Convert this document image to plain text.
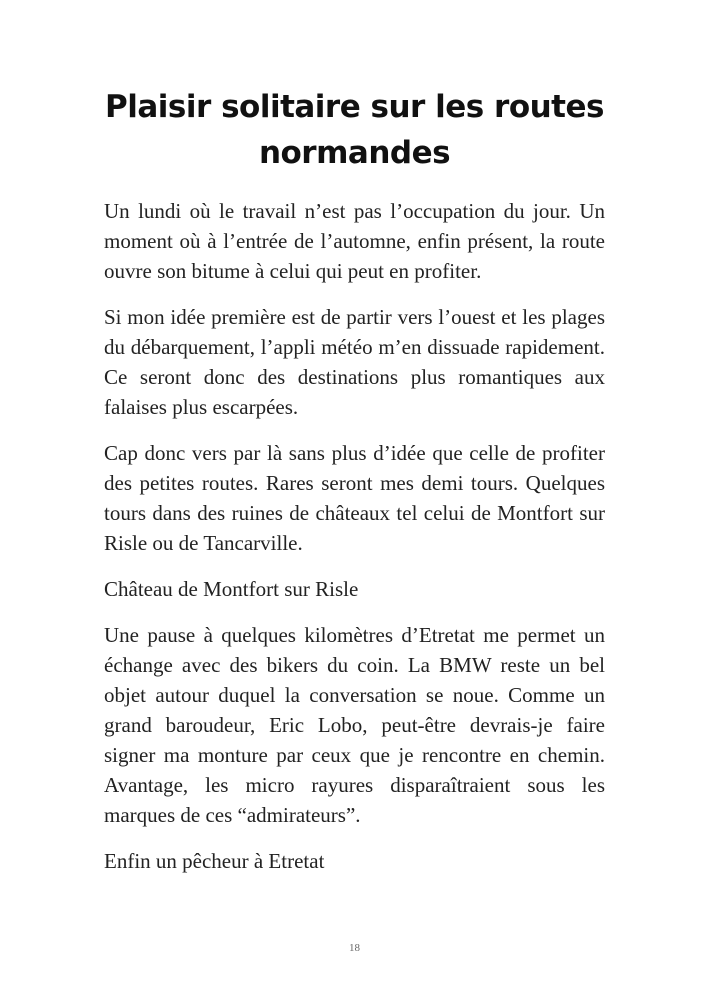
Plaisir solitaire sur les routes normandes

Un lundi où le travail n’est pas l’occupation du jour. Un moment où à l’entrée de l’automne, enfin présent, la route ouvre son bitume à celui qui peut en profiter.

Si mon idée première est de partir vers l’ouest et les plages du débarquement, l’appli météo m’en dissuade rapidement. Ce seront donc des destinations plus romantiques aux falaises plus escarpées.

Cap donc vers par là sans plus d’idée que celle de profiter des petites routes. Rares seront mes demi tours. Quelques tours dans des ruines de châteaux tel celui de Montfort sur Risle ou de Tancarville.

Château de Montfort sur Risle

Une pause à quelques kilomètres d’Etretat me permet un échange avec des bikers du coin. La BMW reste un bel objet autour duquel la conversation se noue. Comme un grand baroudeur, Eric Lobo, peut-être devrais-je faire signer ma monture par ceux que je rencontre en chemin. Avantage, les micro rayures disparaîtraient sous les marques de ces “admirateurs”.

Enfin un pêcheur à Etretat

18
